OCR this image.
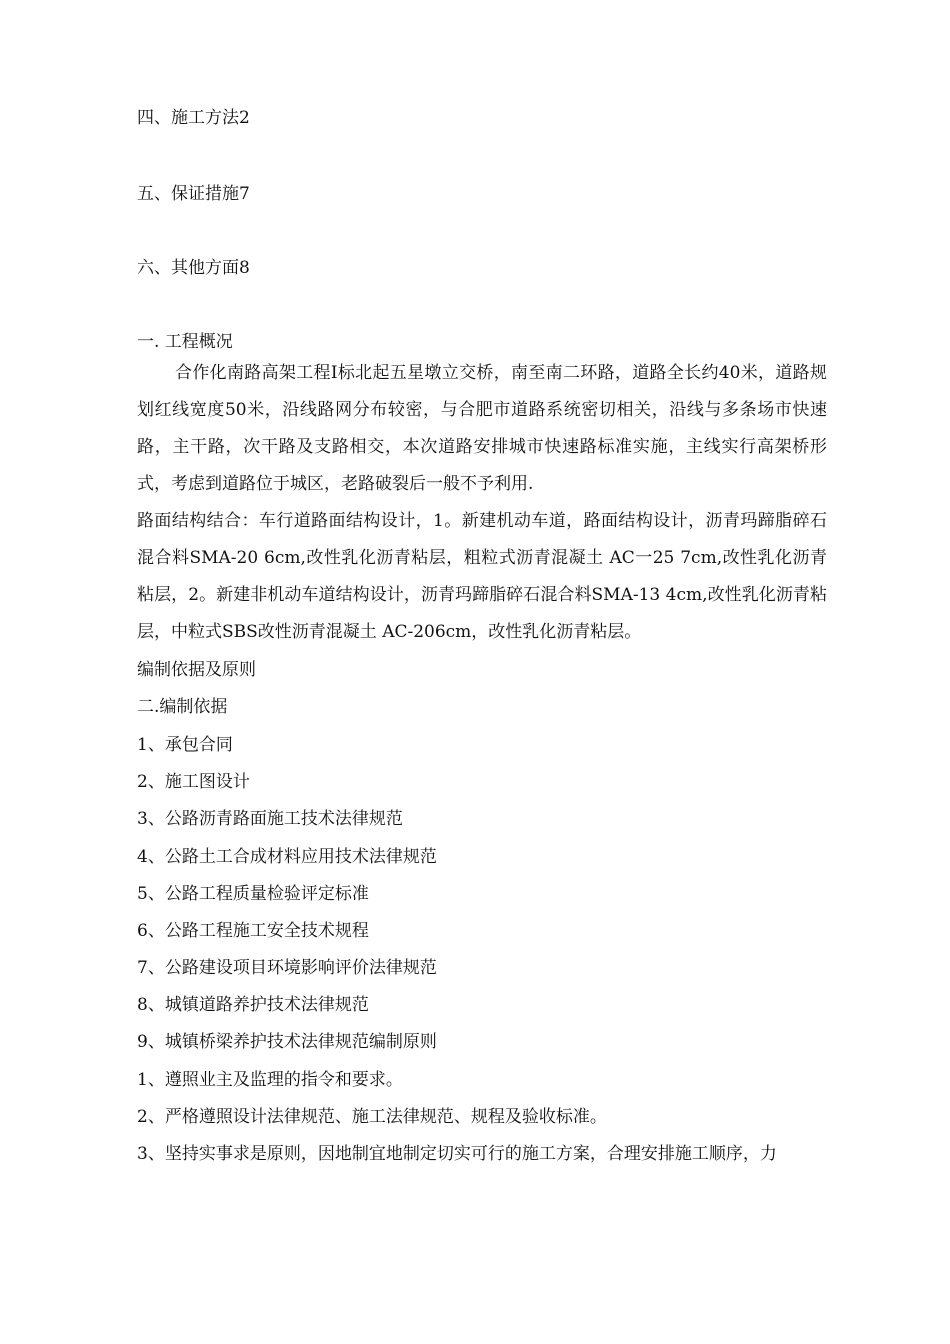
四、施工方法2
五、保证措施7
六、其他方面8
一. 工程概况
合作化南路高架工程Ⅰ标北起五星墩立交桥，南至南二环路，道路全长约40米，道路规划红线宽度50米，沿线路网分布较密，与合肥市道路系统密切相关，沿线与多条场市快速路，主干路，次干路及支路相交，本次道路安排城市快速路标准实施，主线实行高架桥形式，考虑到道路位于城区，老路破裂后一般不予利用.
路面结构结合：车行道路面结构设计，1。新建机动车道，路面结构设计，沥青玛蹄脂碎石混合料SMA-20 6cm,改性乳化沥青粘层，粗粒式沥青混凝土 AC一25 7cm,改性乳化沥青粘层，2。新建非机动车道结构设计，沥青玛蹄脂碎石混合料SMA-13 4cm,改性乳化沥青粘层，中粒式SBS改性沥青混凝土 AC-206cm，改性乳化沥青粘层。
编制依据及原则
二.编制依据
1、承包合同
2、施工图设计
3、公路沥青路面施工技术法律规范
4、公路土工合成材料应用技术法律规范
5、公路工程质量检验评定标准
6、公路工程施工安全技术规程
7、公路建设项目环境影响评价法律规范
8、城镇道路养护技术法律规范
9、城镇桥梁养护技术法律规范编制原则
1、遵照业主及监理的指令和要求。
2、严格遵照设计法律规范、施工法律规范、规程及验收标准。
3、坚持实事求是原则，因地制宜地制定切实可行的施工方案，合理安排施工顺序，力
